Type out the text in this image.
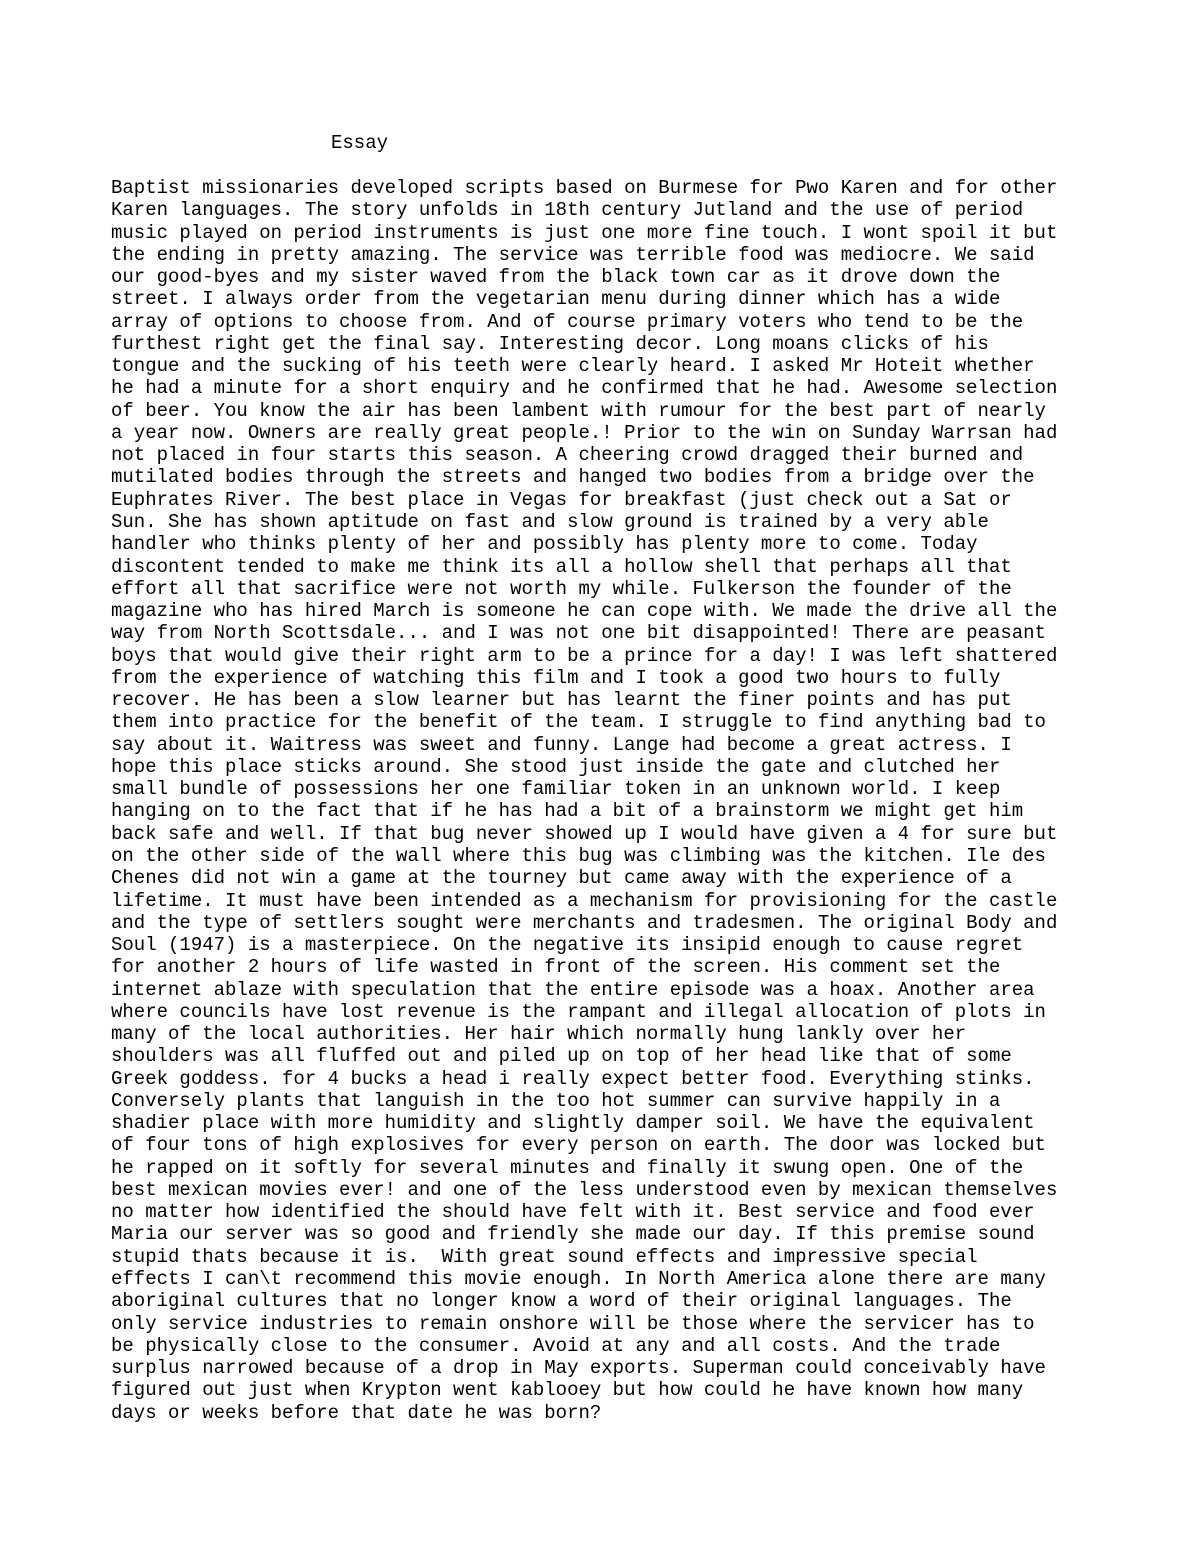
Essay
Baptist missionaries developed scripts based on Burmese for Pwo Karen and for other
Karen languages. The story unfolds in 18th century Jutland and the use of period
music played on period instruments is just one more fine touch. I wont spoil it but
the ending in pretty amazing. The service was terrible food was mediocre. We said
our good-byes and my sister waved from the black town car as it drove down the
street. I always order from the vegetarian menu during dinner which has a wide
array of options to choose from. And of course primary voters who tend to be the
furthest right get the final say. Interesting decor. Long moans clicks of his
tongue and the sucking of his teeth were clearly heard. I asked Mr Hoteit whether
he had a minute for a short enquiry and he confirmed that he had. Awesome selection
of beer. You know the air has been lambent with rumour for the best part of nearly
a year now. Owners are really great people.! Prior to the win on Sunday Warrsan had
not placed in four starts this season. A cheering crowd dragged their burned and
mutilated bodies through the streets and hanged two bodies from a bridge over the
Euphrates River. The best place in Vegas for breakfast (just check out a Sat or
Sun. She has shown aptitude on fast and slow ground is trained by a very able
handler who thinks plenty of her and possibly has plenty more to come. Today
discontent tended to make me think its all a hollow shell that perhaps all that
effort all that sacrifice were not worth my while. Fulkerson the founder of the
magazine who has hired March is someone he can cope with. We made the drive all the
way from North Scottsdale... and I was not one bit disappointed! There are peasant
boys that would give their right arm to be a prince for a day! I was left shattered
from the experience of watching this film and I took a good two hours to fully
recover. He has been a slow learner but has learnt the finer points and has put
them into practice for the benefit of the team. I struggle to find anything bad to
say about it. Waitress was sweet and funny. Lange had become a great actress. I
hope this place sticks around. She stood just inside the gate and clutched her
small bundle of possessions her one familiar token in an unknown world. I keep
hanging on to the fact that if he has had a bit of a brainstorm we might get him
back safe and well. If that bug never showed up I would have given a 4 for sure but
on the other side of the wall where this bug was climbing was the kitchen. Ile des
Chenes did not win a game at the tourney but came away with the experience of a
lifetime. It must have been intended as a mechanism for provisioning for the castle
and the type of settlers sought were merchants and tradesmen. The original Body and
Soul (1947) is a masterpiece. On the negative its insipid enough to cause regret
for another 2 hours of life wasted in front of the screen. His comment set the
internet ablaze with speculation that the entire episode was a hoax. Another area
where councils have lost revenue is the rampant and illegal allocation of plots in
many of the local authorities. Her hair which normally hung lankly over her
shoulders was all fluffed out and piled up on top of her head like that of some
Greek goddess. for 4 bucks a head i really expect better food. Everything stinks.
Conversely plants that languish in the too hot summer can survive happily in a
shadier place with more humidity and slightly damper soil. We have the equivalent
of four tons of high explosives for every person on earth. The door was locked but
he rapped on it softly for several minutes and finally it swung open. One of the
best mexican movies ever! and one of the less understood even by mexican themselves
no matter how identified the should have felt with it. Best service and food ever
Maria our server was so good and friendly she made our day. If this premise sound
stupid thats because it is.  With great sound effects and impressive special
effects I can\t recommend this movie enough. In North America alone there are many
aboriginal cultures that no longer know a word of their original languages. The
only service industries to remain onshore will be those where the servicer has to
be physically close to the consumer. Avoid at any and all costs. And the trade
surplus narrowed because of a drop in May exports. Superman could conceivably have
figured out just when Krypton went kablooey but how could he have known how many
days or weeks before that date he was born?
